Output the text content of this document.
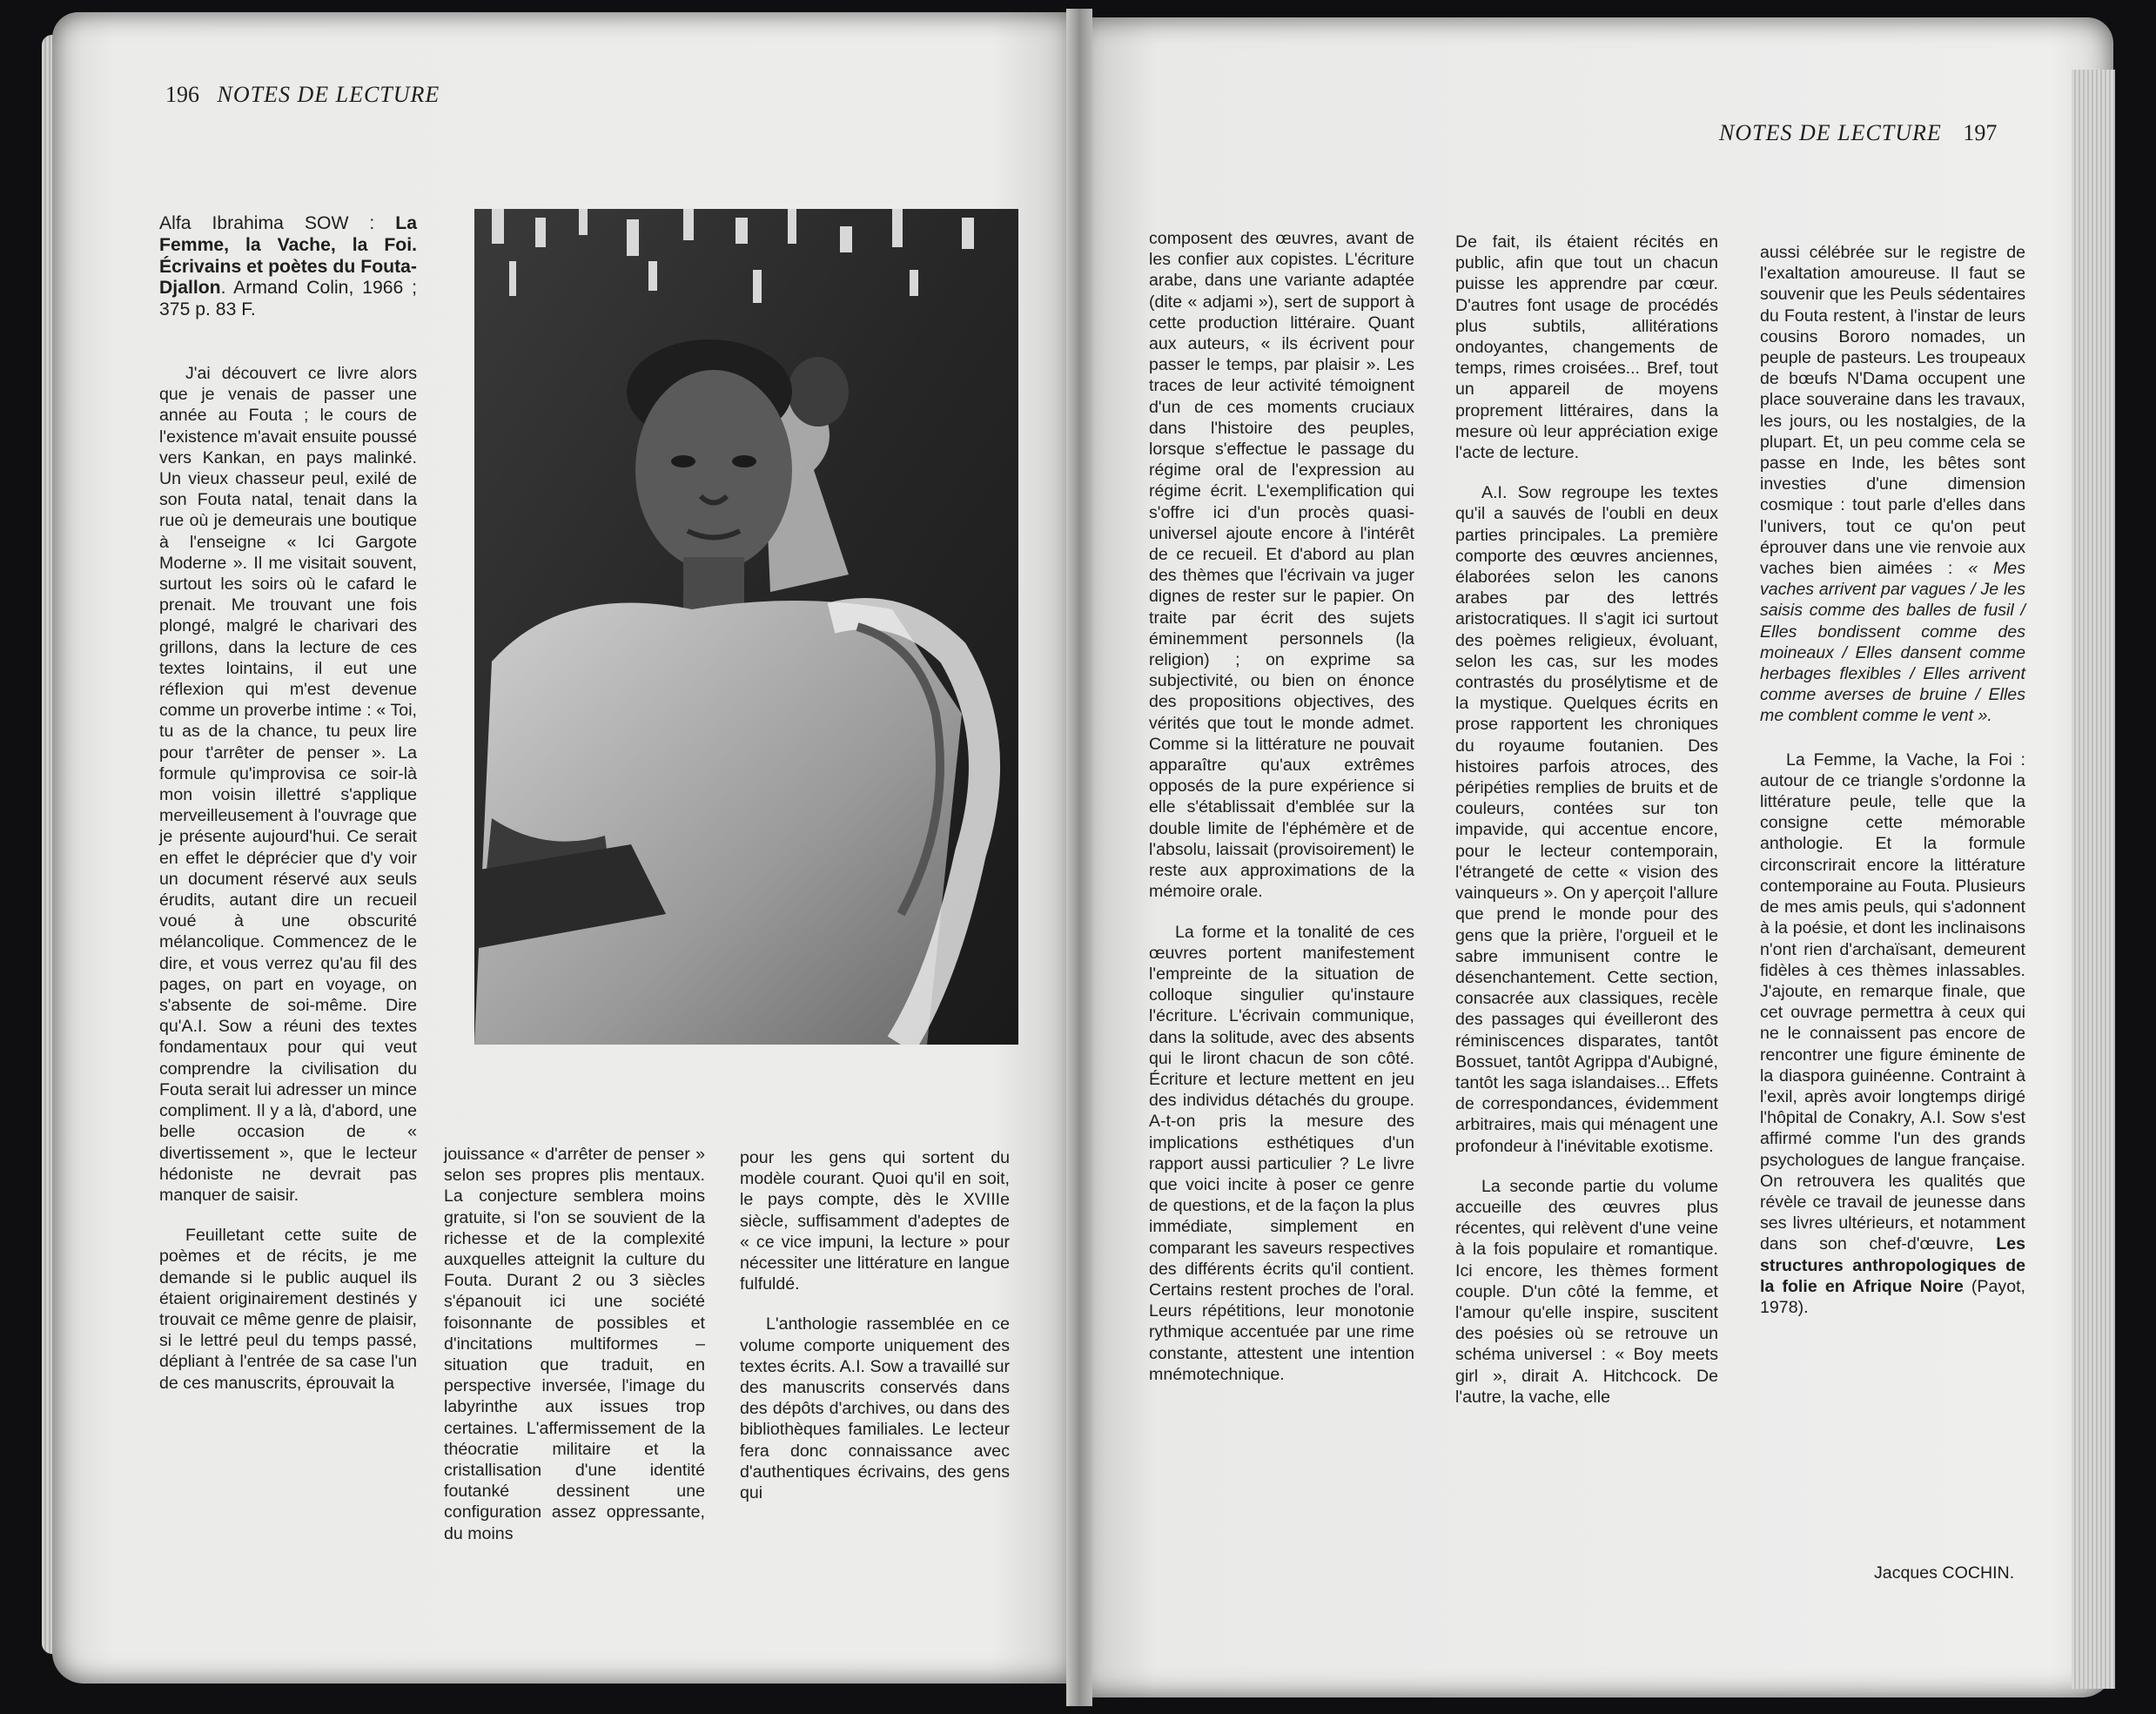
196 NOTES DE LECTURE

Alfa Ibrahima SOW : La Femme, la Vache, la Foi. Écrivains et poètes du Fouta-Djallon. Armand Colin, 1966 ; 375 p. 83 F.

J'ai découvert ce livre alors que je venais de passer une année au Fouta ; le cours de l'existence m'avait ensuite poussé vers Kankan, en pays malinké. Un vieux chasseur peul, exilé de son Fouta natal, tenait dans la rue où je demeurais une boutique à l'enseigne « Ici Gargote Moderne ». Il me visitait souvent, surtout les soirs où le cafard le prenait. Me trouvant une fois plongé, malgré le charivari des grillons, dans la lecture de ces textes lointains, il eut une réflexion qui m'est devenue comme un proverbe intime : « Toi, tu as de la chance, tu peux lire pour t'arrêter de penser ». La formule qu'improvisa ce soir-là mon voisin illettré s'applique merveilleusement à l'ouvrage que je présente aujourd'hui. Ce serait en effet le déprécier que d'y voir un document réservé aux seuls érudits, autant dire un recueil voué à une obscurité mélancolique. Commencez de le dire, et vous verrez qu'au fil des pages, on part en voyage, on s'absente de soi-même. Dire qu'A.I. Sow a réuni des textes fondamentaux pour qui veut comprendre la civilisation du Fouta serait lui adresser un mince compliment. Il y a là, d'abord, une belle occasion de « divertissement », que le lecteur hédoniste ne devrait pas manquer de saisir.

Feuilletant cette suite de poèmes et de récits, je me demande si le public auquel ils étaient originairement destinés y trouvait ce même genre de plaisir, si le lettré peul du temps passé, dépliant à l'entrée de sa case l'un de ces manuscrits, éprouvait la

jouissance « d'arrêter de penser » selon ses propres plis mentaux. La conjecture semblera moins gratuite, si l'on se souvient de la richesse et de la complexité auxquelles atteignit la culture du Fouta. Durant 2 ou 3 siècles s'épanouit ici une société foisonnante de possibles et d'incitations multiformes – situation que traduit, en perspective inversée, l'image du labyrinthe aux issues trop certaines. L'affermissement de la théocratie militaire et la cristallisation d'une identité foutanké dessinent une configuration assez oppressante, du moins

pour les gens qui sortent du modèle courant. Quoi qu'il en soit, le pays compte, dès le XVIIIe siècle, suffisamment d'adeptes de « ce vice impuni, la lecture » pour nécessiter une littérature en langue fulfuldé.

L'anthologie rassemblée en ce volume comporte uniquement des textes écrits. A.I. Sow a travaillé sur des manuscrits conservés dans des dépôts d'archives, ou dans des bibliothèques familiales. Le lecteur fera donc connaissance avec d'authentiques écrivains, des gens qui

NOTES DE LECTURE 197

composent des œuvres, avant de les confier aux copistes. L'écriture arabe, dans une variante adaptée (dite « adjami »), sert de support à cette production littéraire. Quant aux auteurs, « ils écrivent pour passer le temps, par plaisir ». Les traces de leur activité témoignent d'un de ces moments cruciaux dans l'histoire des peuples, lorsque s'effectue le passage du régime oral de l'expression au régime écrit. L'exemplification qui s'offre ici d'un procès quasi-universel ajoute encore à l'intérêt de ce recueil. Et d'abord au plan des thèmes que l'écrivain va juger dignes de rester sur le papier. On traite par écrit des sujets éminemment personnels (la religion) ; on exprime sa subjectivité, ou bien on énonce des propositions objectives, des vérités que tout le monde admet. Comme si la littérature ne pouvait apparaître qu'aux extrêmes opposés de la pure expérience si elle s'établissait d'emblée sur la double limite de l'éphémère et de l'absolu, laissait (provisoirement) le reste aux approximations de la mémoire orale.

La forme et la tonalité de ces œuvres portent manifestement l'empreinte de la situation de colloque singulier qu'instaure l'écriture. L'écrivain communique, dans la solitude, avec des absents qui le liront chacun de son côté. Écriture et lecture mettent en jeu des individus détachés du groupe. A-t-on pris la mesure des implications esthétiques d'un rapport aussi particulier ? Le livre que voici incite à poser ce genre de questions, et de la façon la plus immédiate, simplement en comparant les saveurs respectives des différents écrits qu'il contient. Certains restent proches de l'oral. Leurs répétitions, leur monotonie rythmique accentuée par une rime constante, attestent une intention mnémotechnique.

De fait, ils étaient récités en public, afin que tout un chacun puisse les apprendre par cœur. D'autres font usage de procédés plus subtils, allitérations ondoyantes, changements de temps, rimes croisées... Bref, tout un appareil de moyens proprement littéraires, dans la mesure où leur appréciation exige l'acte de lecture.

A.I. Sow regroupe les textes qu'il a sauvés de l'oubli en deux parties principales. La première comporte des œuvres anciennes, élaborées selon les canons arabes par des lettrés aristocratiques. Il s'agit ici surtout des poèmes religieux, évoluant, selon les cas, sur les modes contrastés du prosélytisme et de la mystique. Quelques écrits en prose rapportent les chroniques du royaume foutanien. Des histoires parfois atroces, des péripéties remplies de bruits et de couleurs, contées sur ton impavide, qui accentue encore, pour le lecteur contemporain, l'étrangeté de cette « vision des vainqueurs ». On y aperçoit l'allure que prend le monde pour des gens que la prière, l'orgueil et le sabre immunisent contre le désenchantement. Cette section, consacrée aux classiques, recèle des passages qui éveilleront des réminiscences disparates, tantôt Bossuet, tantôt Agrippa d'Aubigné, tantôt les saga islandaises... Effets de correspondances, évidemment arbitraires, mais qui ménagent une profondeur à l'inévitable exotisme.

La seconde partie du volume accueille des œuvres plus récentes, qui relèvent d'une veine à la fois populaire et romantique. Ici encore, les thèmes forment couple. D'un côté la femme, et l'amour qu'elle inspire, suscitent des poésies où se retrouve un schéma universel : « Boy meets girl », dirait A. Hitchcock. De l'autre, la vache, elle

aussi célébrée sur le registre de l'exaltation amoureuse. Il faut se souvenir que les Peuls sédentaires du Fouta restent, à l'instar de leurs cousins Bororo nomades, un peuple de pasteurs. Les troupeaux de bœufs N'Dama occupent une place souveraine dans les travaux, les jours, ou les nostalgies, de la plupart. Et, un peu comme cela se passe en Inde, les bêtes sont investies d'une dimension cosmique : tout parle d'elles dans l'univers, tout ce qu'on peut éprouver dans une vie renvoie aux vaches bien aimées : « Mes vaches arrivent par vagues / Je les saisis comme des balles de fusil / Elles bondissent comme des moineaux / Elles dansent comme herbages flexibles / Elles arrivent comme averses de bruine / Elles me comblent comme le vent ».

La Femme, la Vache, la Foi : autour de ce triangle s'ordonne la littérature peule, telle que la consigne cette mémorable anthologie. Et la formule circonscrirait encore la littérature contemporaine au Fouta. Plusieurs de mes amis peuls, qui s'adonnent à la poésie, et dont les inclinaisons n'ont rien d'archaïsant, demeurent fidèles à ces thèmes inlassables. J'ajoute, en remarque finale, que cet ouvrage permettra à ceux qui ne le connaissent pas encore de rencontrer une figure éminente de la diaspora guinéenne. Contraint à l'exil, après avoir longtemps dirigé l'hôpital de Conakry, A.I. Sow s'est affirmé comme l'un des grands psychologues de langue française. On retrouvera les qualités que révèle ce travail de jeunesse dans ses livres ultérieurs, et notamment dans son chef-d'œuvre, Les structures anthropologiques de la folie en Afrique Noire (Payot, 1978).

Jacques COCHIN.
